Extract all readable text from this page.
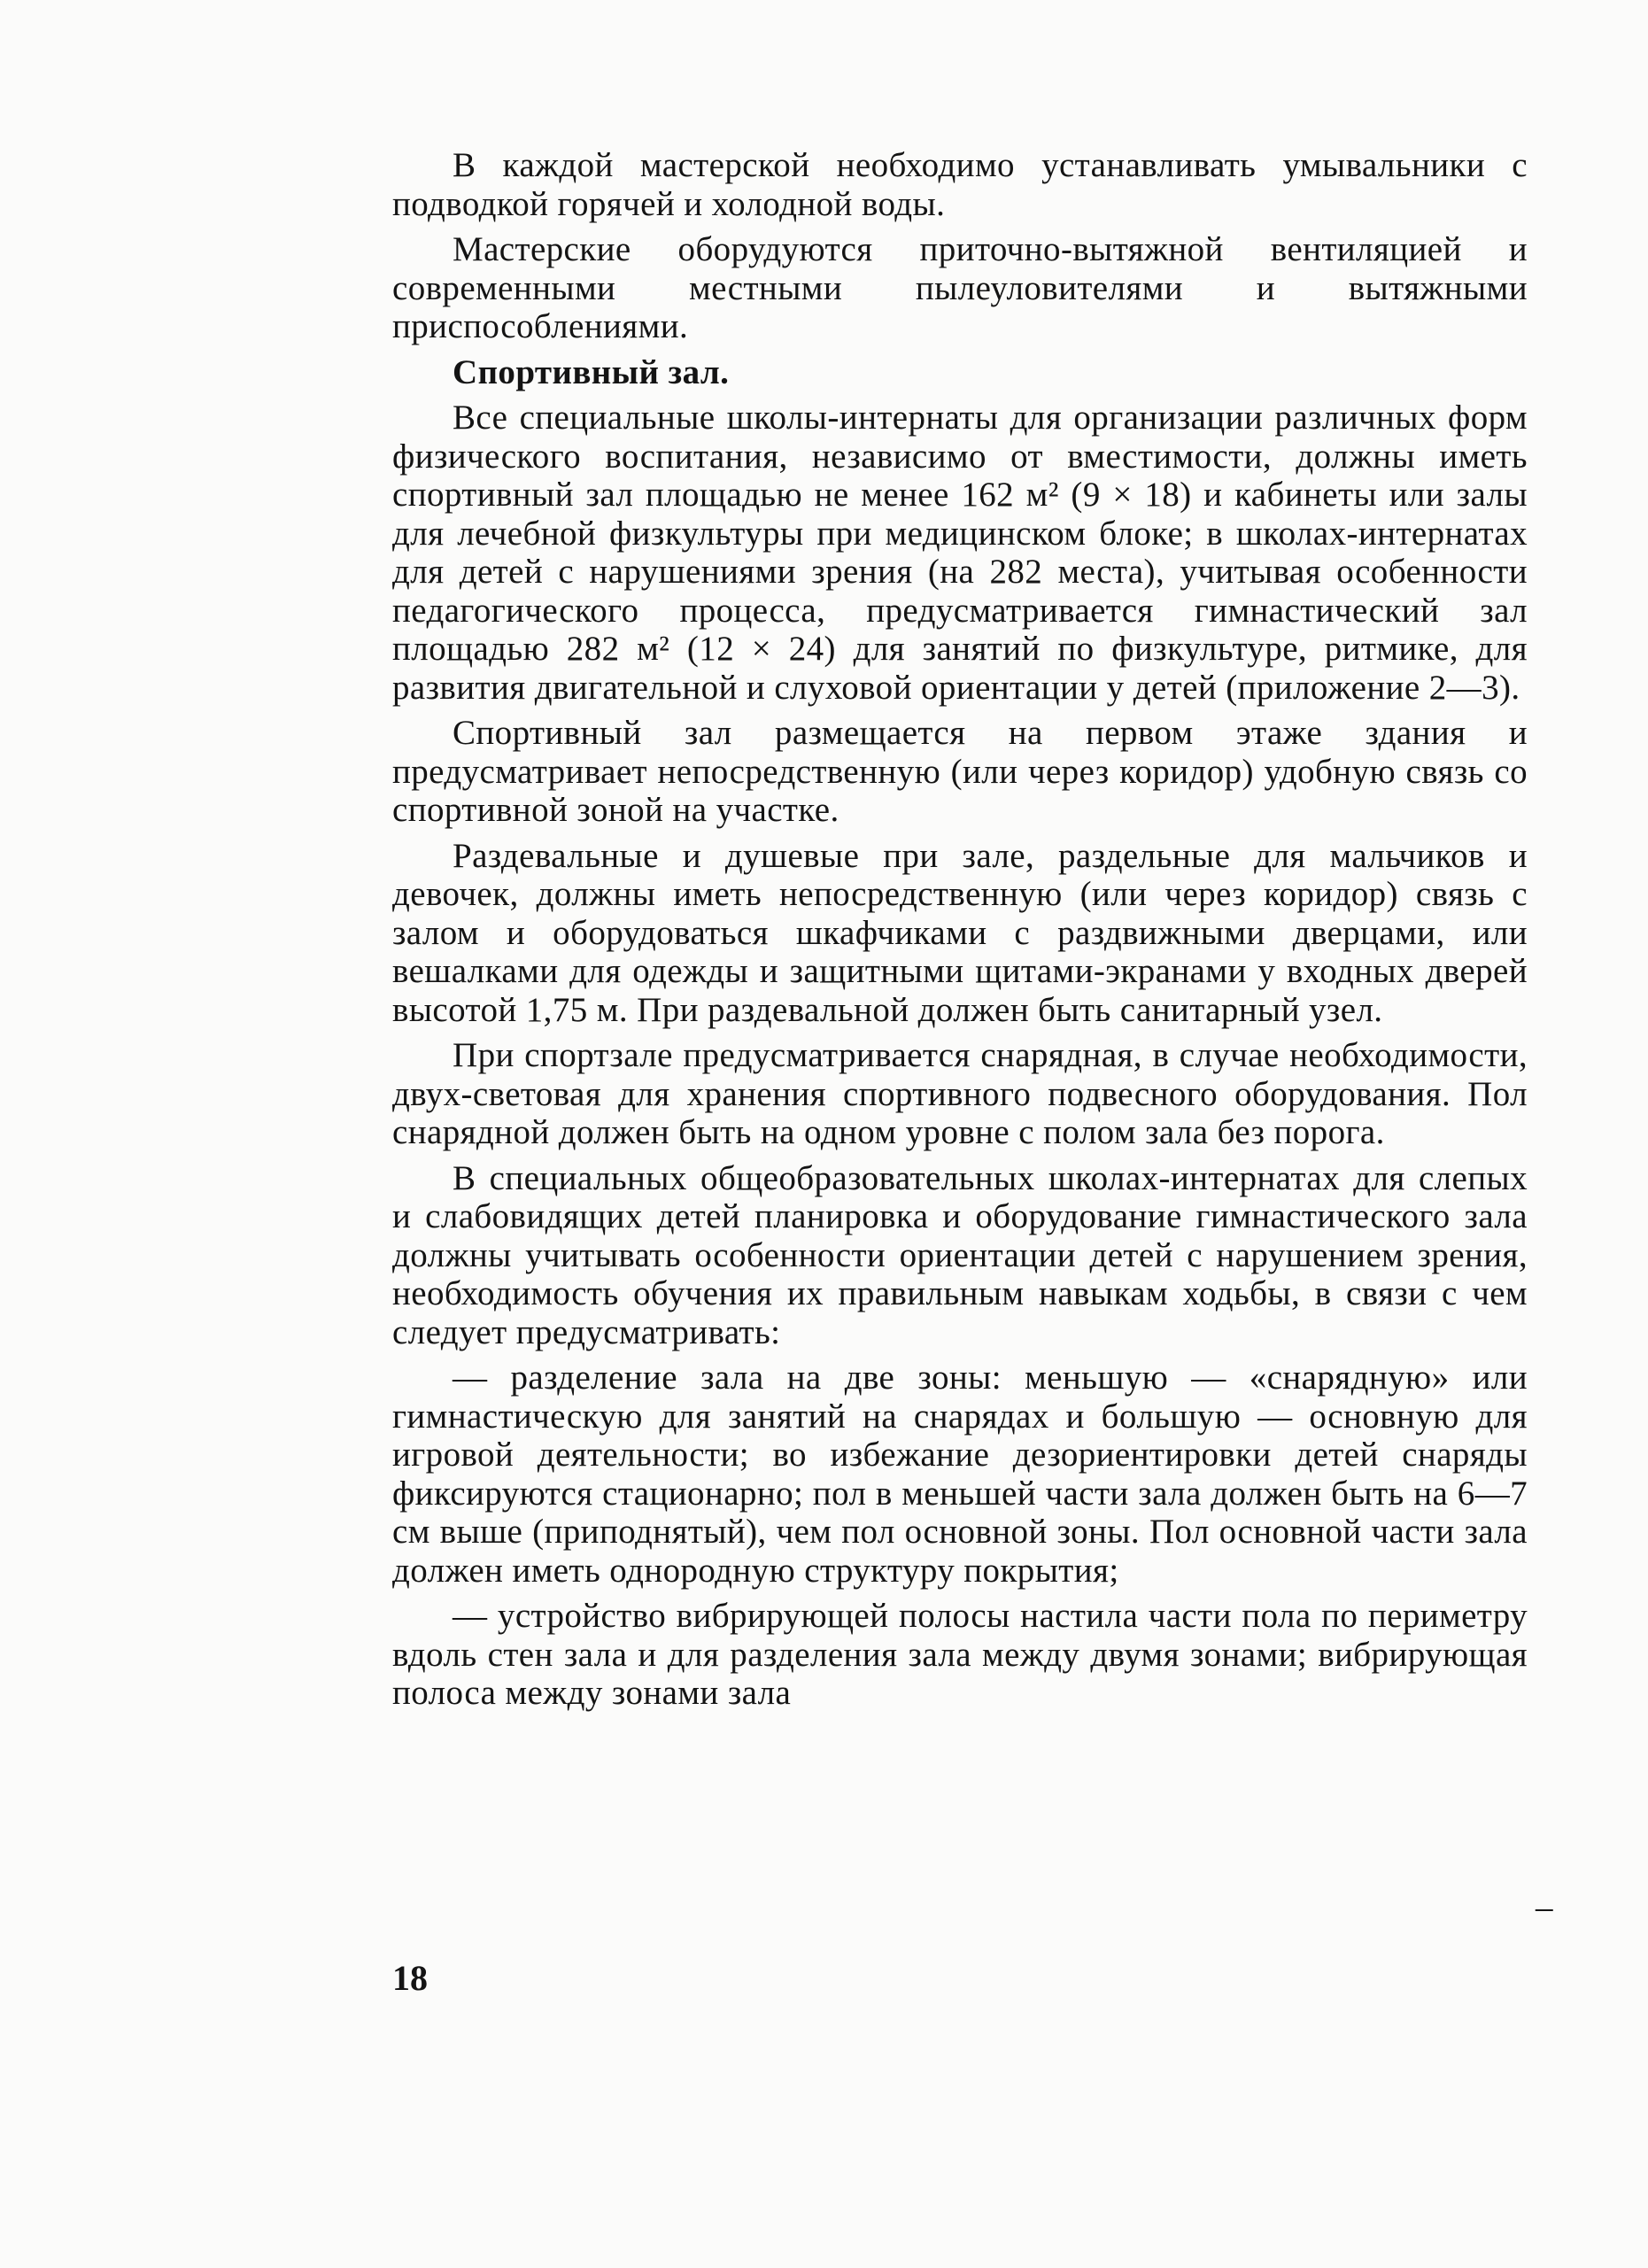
В каждой мастерской необходимо устанавливать умывальники с подводкой горячей и холодной воды.

Мастерские оборудуются приточно-вытяжной вентиляцией и современными местными пылеуловителями и вытяжными приспособлениями.

Спортивный зал.

Все специальные школы-интернаты для организации различных форм физического воспитания, независимо от вместимости, должны иметь спортивный зал площадью не менее 162 м² (9 × 18) и кабинеты или залы для лечебной физкультуры при медицинском блоке; в школах-интернатах для детей с нарушениями зрения (на 282 места), учитывая особенности педагогического процесса, предусматривается гимнастический зал площадью 282 м² (12 × 24) для занятий по физкультуре, ритмике, для развития двигательной и слуховой ориентации у детей (приложение 2—3).

Спортивный зал размещается на первом этаже здания и предусматривает непосредственную (или через коридор) удобную связь со спортивной зоной на участке.

Раздевальные и душевые при зале, раздельные для мальчиков и девочек, должны иметь непосредственную (или через коридор) связь с залом и оборудоваться шкафчиками с раздвижными дверцами, или вешалками для одежды и защитными щитами-экранами у входных дверей высотой 1,75 м. При раздевальной должен быть санитарный узел.

При спортзале предусматривается снарядная, в случае необходимости, двух-световая для хранения спортивного подвесного оборудования. Пол снарядной должен быть на одном уровне с полом зала без порога.

В специальных общеобразовательных школах-интернатах для слепых и слабовидящих детей планировка и оборудование гимнастического зала должны учитывать особенности ориентации детей с нарушением зрения, необходимость обучения их правильным навыкам ходьбы, в связи с чем следует предусматривать:

— разделение зала на две зоны: меньшую — «снарядную» или гимнастическую для занятий на снарядах и большую — основную для игровой деятельности; во избежание дезориентировки детей снаряды фиксируются стационарно; пол в меньшей части зала должен быть на 6—7 см выше (приподнятый), чем пол основной зоны. Пол основной части зала должен иметь однородную структуру покрытия;

— устройство вибрирующей полосы настила части пола по периметру вдоль стен зала и для разделения зала между двумя зонами; вибрирующая полоса между зонами зала

–
18
